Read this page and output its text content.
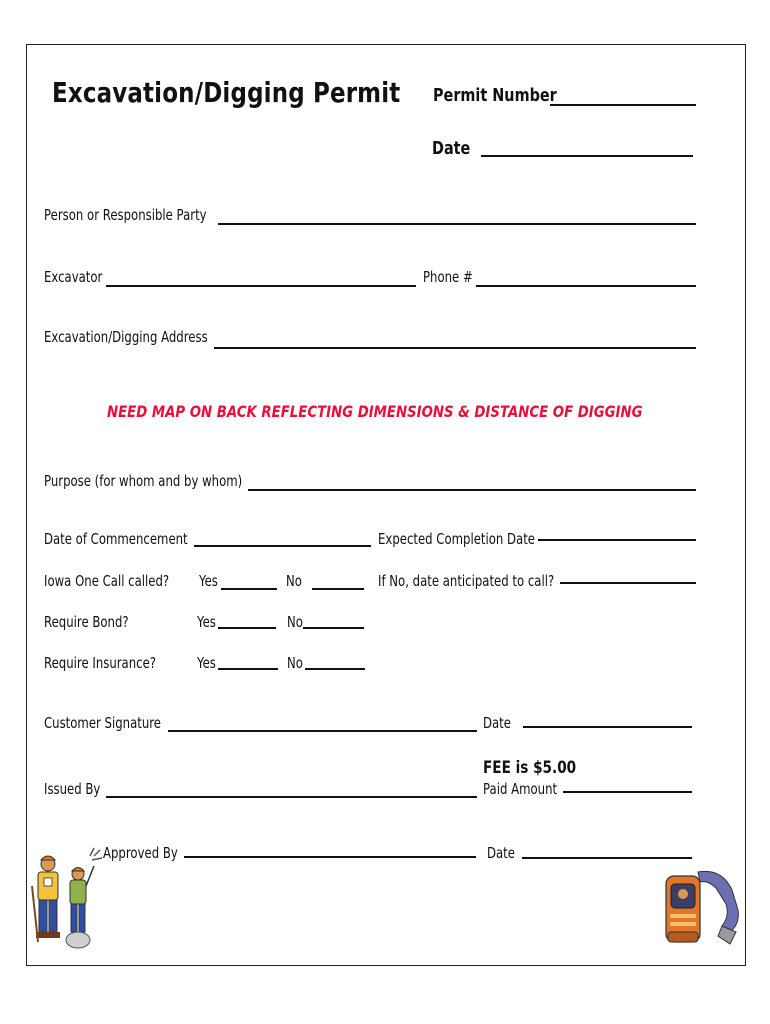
Excavation/Digging Permit Permit Number
Date
Person or Responsible Party
Excavator	Phone #
Excavation/Digging Address
NEED MAP ON BACK REFLECTING DIMENSIONS & DISTANCE OF DIGGING
Purpose (for whom and by whom)
Date of Commencement	Expected Completion Date
Iowa One Call called? Yes	No	If No, date anticipated to call?
Require Bond?	Yes	No
Require Insurance?	Yes	No
Customer Signature	Date
FEE is $5.00
Issued By	Paid Amount
Approved By	Date
